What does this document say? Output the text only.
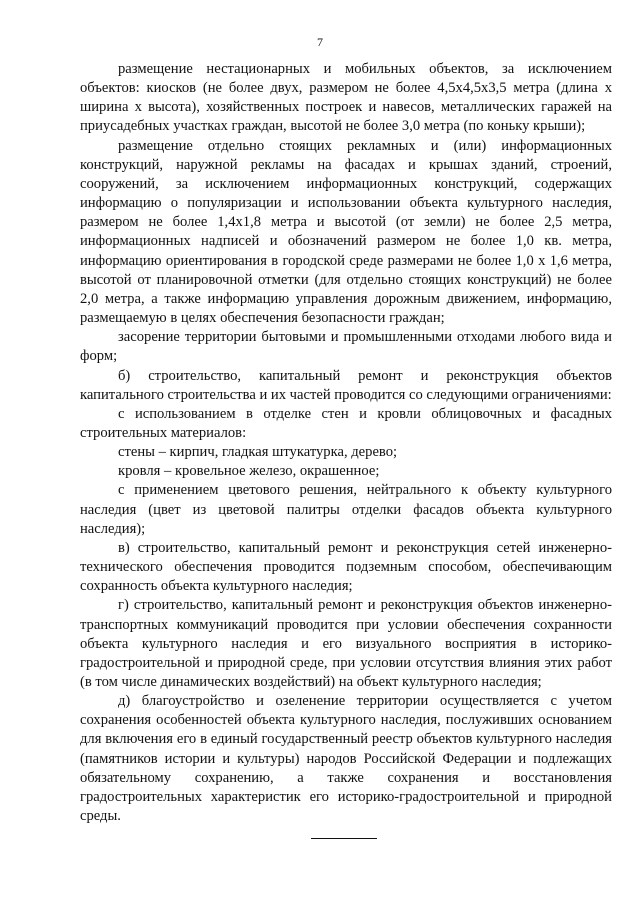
7

размещение нестационарных и мобильных объектов, за исключением объектов: киосков (не более двух, размером не более 4,5х4,5х3,5 метра (длина х ширина х высота), хозяйственных построек и навесов, металлических гаражей на приусадебных участках граждан, высотой не более 3,0 метра (по коньку крыши);

размещение отдельно стоящих рекламных и (или) информационных конструкций, наружной рекламы на фасадах и крышах зданий, строений, сооружений, за исключением информационных конструкций, содержащих информацию о популяризации и использовании объекта культурного наследия, размером не более 1,4х1,8 метра и высотой (от земли) не более 2,5 метра, информационных надписей и обозначений размером не более 1,0 кв. метра, информацию ориентирования в городской среде размерами не более 1,0 х 1,6 метра, высотой от планировочной отметки (для отдельно стоящих конструкций) не более 2,0 метра, а также информацию управления дорожным движением, информацию, размещаемую в целях обеспечения безопасности граждан;

засорение территории бытовыми и промышленными отходами любого вида и форм;

б) строительство, капитальный ремонт и реконструкция объектов капитального строительства и их частей проводится со следующими ограничениями:

с использованием в отделке стен и кровли облицовочных и фасадных строительных материалов:

стены – кирпич, гладкая штукатурка, дерево;

кровля – кровельное железо, окрашенное;

с применением цветового решения, нейтрального к объекту культурного наследия (цвет из цветовой палитры отделки фасадов объекта культурного наследия);

в) строительство, капитальный ремонт и реконструкция сетей инженерно-технического обеспечения проводится подземным способом, обеспечивающим сохранность объекта культурного наследия;

г) строительство, капитальный ремонт и реконструкция объектов инженерно-транспортных коммуникаций проводится при условии обеспечения сохранности объекта культурного наследия и его визуального восприятия в историко-градостроительной и природной среде, при условии отсутствия влияния этих работ (в том числе динамических воздействий) на объект культурного наследия;

д) благоустройство и озеленение территории осуществляется с учетом сохранения особенностей объекта культурного наследия, послуживших основанием для включения его в единый государственный реестр объектов культурного наследия (памятников истории и культуры) народов Российской Федерации и подлежащих обязательному сохранению, а также сохранения и восстановления градостроительных характеристик его историко-градостроительной и природной среды.
